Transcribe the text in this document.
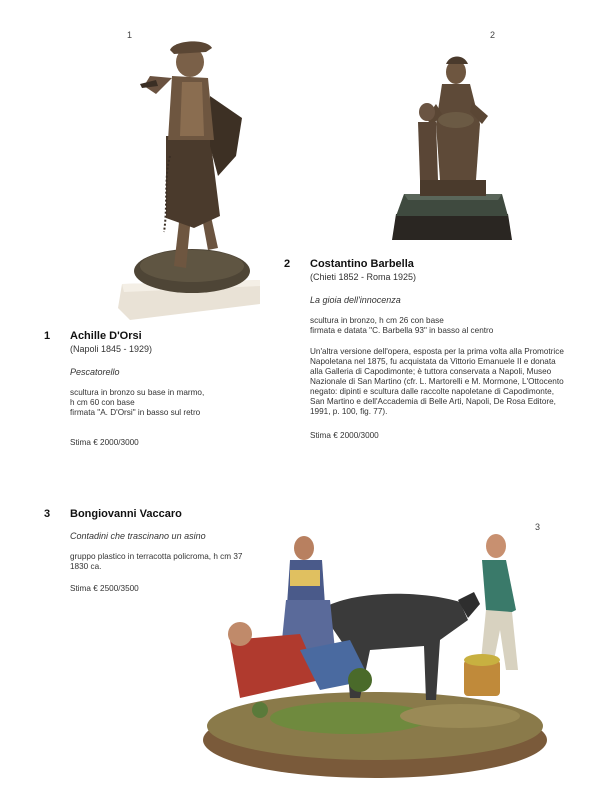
1	2
1 Achille D'Orsi
(Napoli 1845 - 1929)
Pescatorello
scultura in bronzo su base in marmo,
h cm 60 con base
firmata "A. D'Orsi" in basso sul retro
Stima € 2000/3000
2 Costantino Barbella
(Chieti 1852 - Roma 1925)
La gioia dell'innocenza
scultura in bronzo, h cm 26 con base
firmata e datata "C. Barbella 93" in basso al centro
Un'altra versione dell'opera, esposta per la prima volta alla Promotrice
Napoletana nel 1875, fu acquistata da Vittorio Emanuele II e donata
alla Galleria di Capodimonte; è tuttora conservata a Napoli, Museo
Nazionale di San Martino (cfr. L. Martorelli e M. Mormone, L'Ottocento
negato: dipinti e scultura dalle raccolte napoletane di Capodimonte,
San Martino e dell'Accademia di Belle Arti, Napoli, De Rosa Editore,
1991, p. 100, fig. 77).
Stima € 2000/3000
3 Bongiovanni Vaccaro
Contadini che trascinano un asino
gruppo plastico in terracotta policroma, h cm 37
1830 ca.
Stima € 2500/3500
3
